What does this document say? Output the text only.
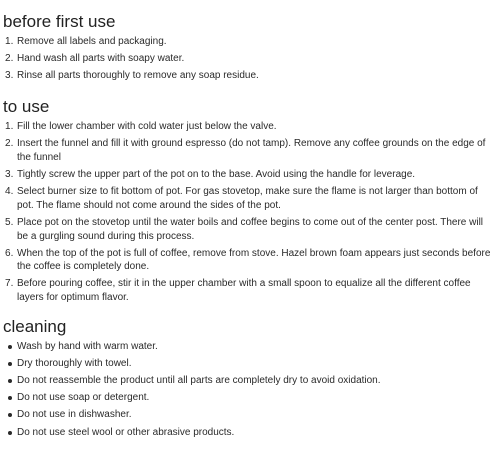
before first use
Remove all labels and packaging.
Hand wash all parts with soapy water.
Rinse all parts thoroughly to remove any soap residue.
to use
Fill the lower chamber with cold water just below the valve.
Insert the funnel and fill it with ground espresso (do not tamp). Remove any coffee grounds on the edge of the funnel
Tightly screw the upper part of the pot on to the base. Avoid using the handle for leverage.
Select burner size to fit bottom of pot. For gas stovetop, make sure the flame is not larger than bottom of pot. The flame should not come around the sides of the pot.
Place pot on the stovetop until the water boils and coffee begins to come out of the center post. There will be a gurgling sound during this process.
When the top of the pot is full of coffee, remove from stove. Hazel brown foam appears just seconds before the coffee is completely done.
Before pouring coffee, stir it in the upper chamber with a small spoon to equalize all the different coffee layers for optimum flavor.
cleaning
Wash by hand with warm water.
Dry thoroughly with towel.
Do not reassemble the product until all parts are completely dry to avoid oxidation.
Do not use soap or detergent.
Do not use in dishwasher.
Do not use steel wool or other abrasive products.
